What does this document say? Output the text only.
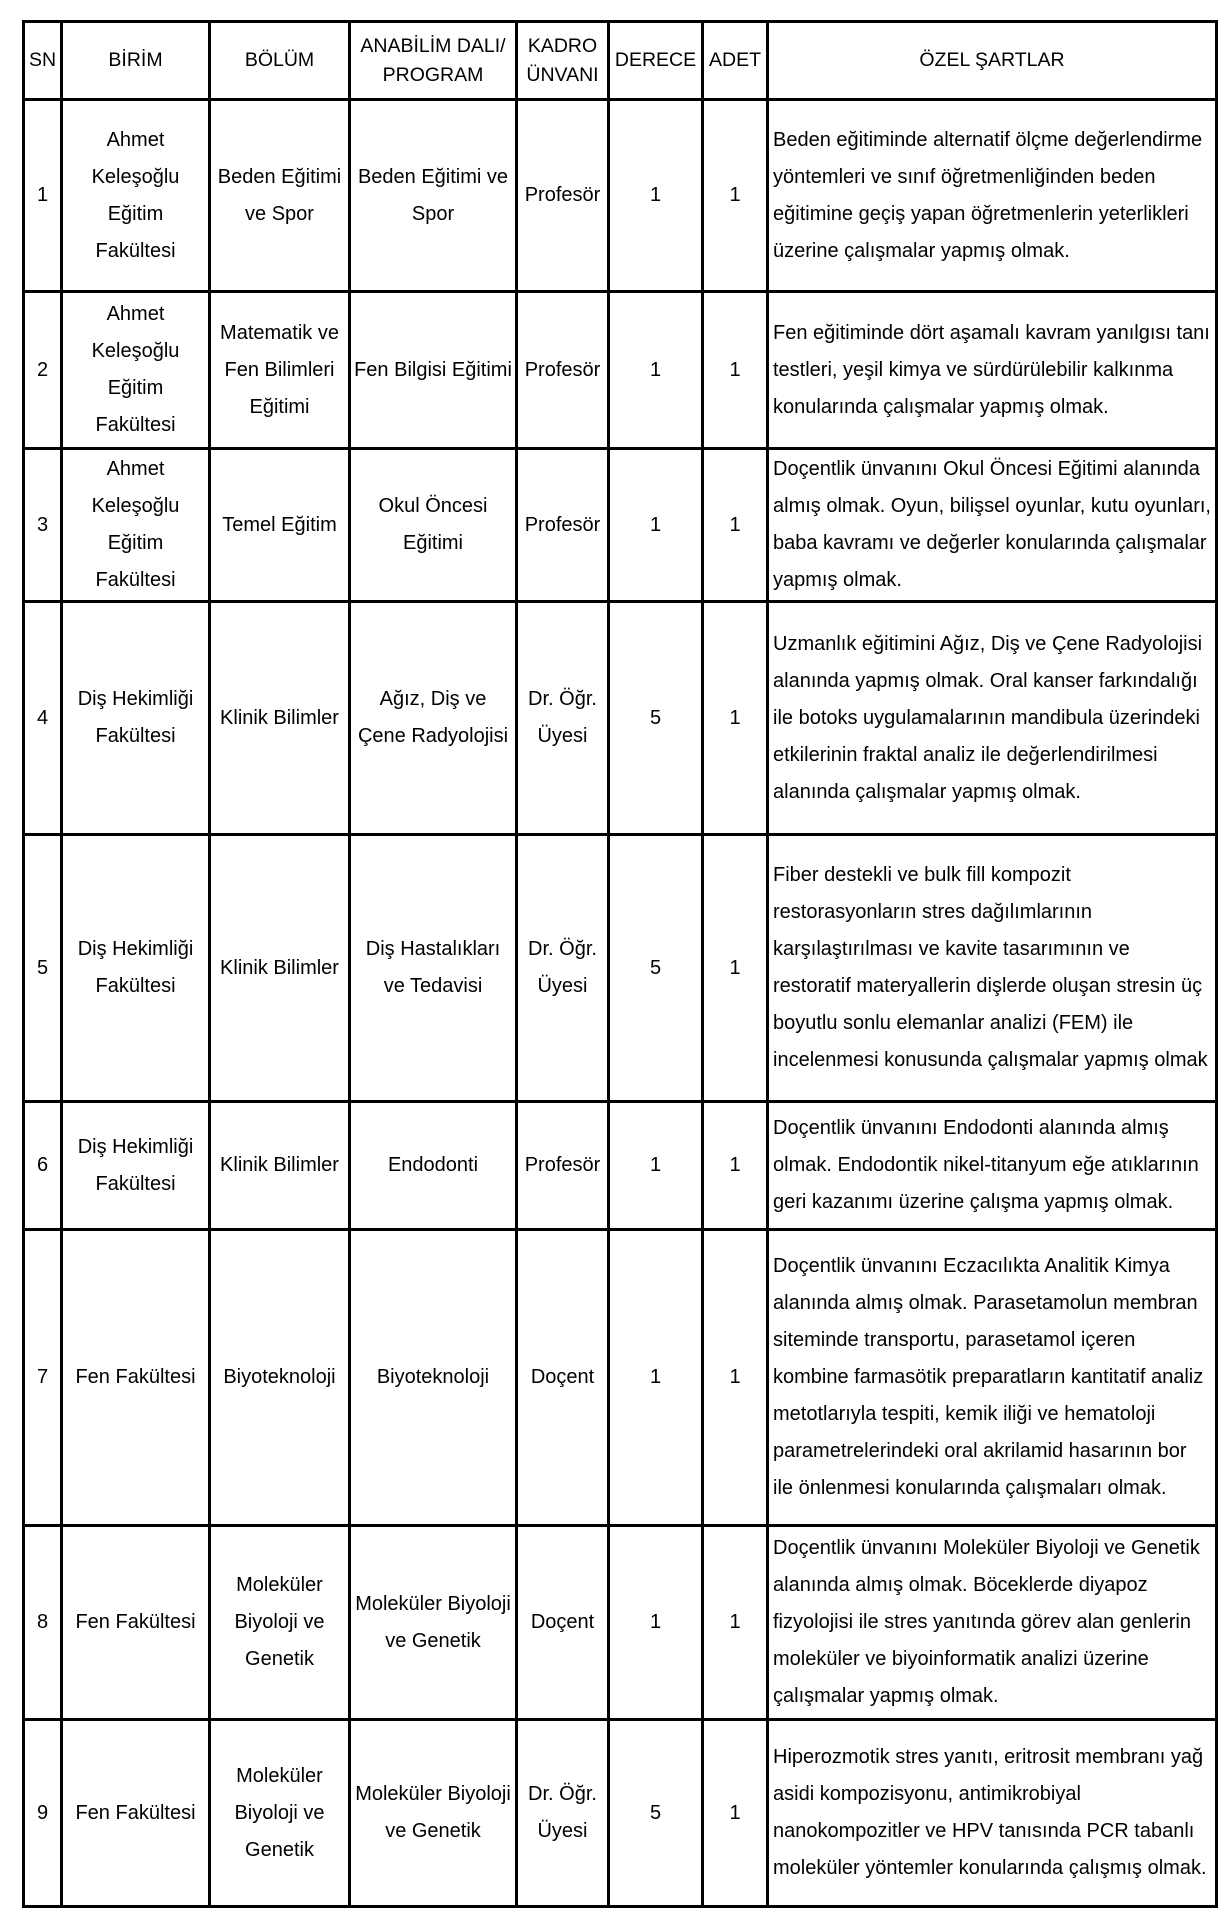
SN	BİRİM	BÖLÜM	ANABİLİM DALI/ PROGRAM	KADRO ÜNVANI	DERECE	ADET	ÖZEL ŞARTLAR
1	Ahmet Keleşoğlu Eğitim Fakültesi	Beden Eğitimi ve Spor	Beden Eğitimi ve Spor	Profesör	1	1	Beden eğitiminde alternatif ölçme değerlendirme yöntemleri ve sınıf öğretmenliğinden beden eğitimine geçiş yapan öğretmenlerin yeterlikleri üzerine çalışmalar yapmış olmak.
2	Ahmet Keleşoğlu Eğitim Fakültesi	Matematik ve Fen Bilimleri Eğitimi	Fen Bilgisi Eğitimi	Profesör	1	1	Fen eğitiminde dört aşamalı kavram yanılgısı tanı testleri, yeşil kimya ve sürdürülebilir kalkınma konularında çalışmalar yapmış olmak.
3	Ahmet Keleşoğlu Eğitim Fakültesi	Temel Eğitim	Okul Öncesi Eğitimi	Profesör	1	1	Doçentlik ünvanını Okul Öncesi Eğitimi alanında almış olmak. Oyun, bilişsel oyunlar, kutu oyunları, baba kavramı ve değerler konularında çalışmalar yapmış olmak.
4	Diş Hekimliği Fakültesi	Klinik Bilimler	Ağız, Diş ve Çene Radyolojisi	Dr. Öğr. Üyesi	5	1	Uzmanlık eğitimini Ağız, Diş ve Çene Radyolojisi alanında yapmış olmak. Oral kanser farkındalığı ile botoks uygulamalarının mandibula üzerindeki etkilerinin fraktal analiz ile değerlendirilmesi alanında çalışmalar yapmış olmak.
5	Diş Hekimliği Fakültesi	Klinik Bilimler	Diş Hastalıkları ve Tedavisi	Dr. Öğr. Üyesi	5	1	Fiber destekli ve bulk fill kompozit restorasyonların stres dağılımlarının karşılaştırılması ve kavite tasarımının ve restoratif materyallerin dişlerde oluşan stresin üç boyutlu sonlu elemanlar analizi (FEM) ile incelenmesi konusunda çalışmalar yapmış olmak
6	Diş Hekimliği Fakültesi	Klinik Bilimler	Endodonti	Profesör	1	1	Doçentlik ünvanını Endodonti alanında almış olmak. Endodontik nikel-titanyum eğe atıklarının geri kazanımı üzerine çalışma yapmış olmak.
7	Fen Fakültesi	Biyoteknoloji	Biyoteknoloji	Doçent	1	1	Doçentlik ünvanını Eczacılıkta Analitik Kimya alanında almış olmak. Parasetamolun membran siteminde transportu, parasetamol içeren kombine farmasötik preparatların kantitatif analiz metotlarıyla tespiti, kemik iliği ve hematoloji parametrelerindeki oral akrilamid hasarının bor ile önlenmesi konularında çalışmaları olmak.
8	Fen Fakültesi	Moleküler Biyoloji ve Genetik	Moleküler Biyoloji ve Genetik	Doçent	1	1	Doçentlik ünvanını Moleküler Biyoloji ve Genetik alanında almış olmak. Böceklerde diyapoz fizyolojisi ile stres yanıtında görev alan genlerin moleküler ve biyoinformatik analizi üzerine çalışmalar yapmış olmak.
9	Fen Fakültesi	Moleküler Biyoloji ve Genetik	Moleküler Biyoloji ve Genetik	Dr. Öğr. Üyesi	5	1	Hiperozmotik stres yanıtı, eritrosit membranı yağ asidi kompozisyonu, antimikrobiyal nanokompozitler ve HPV tanısında PCR tabanlı moleküler yöntemler konularında çalışmış olmak.
